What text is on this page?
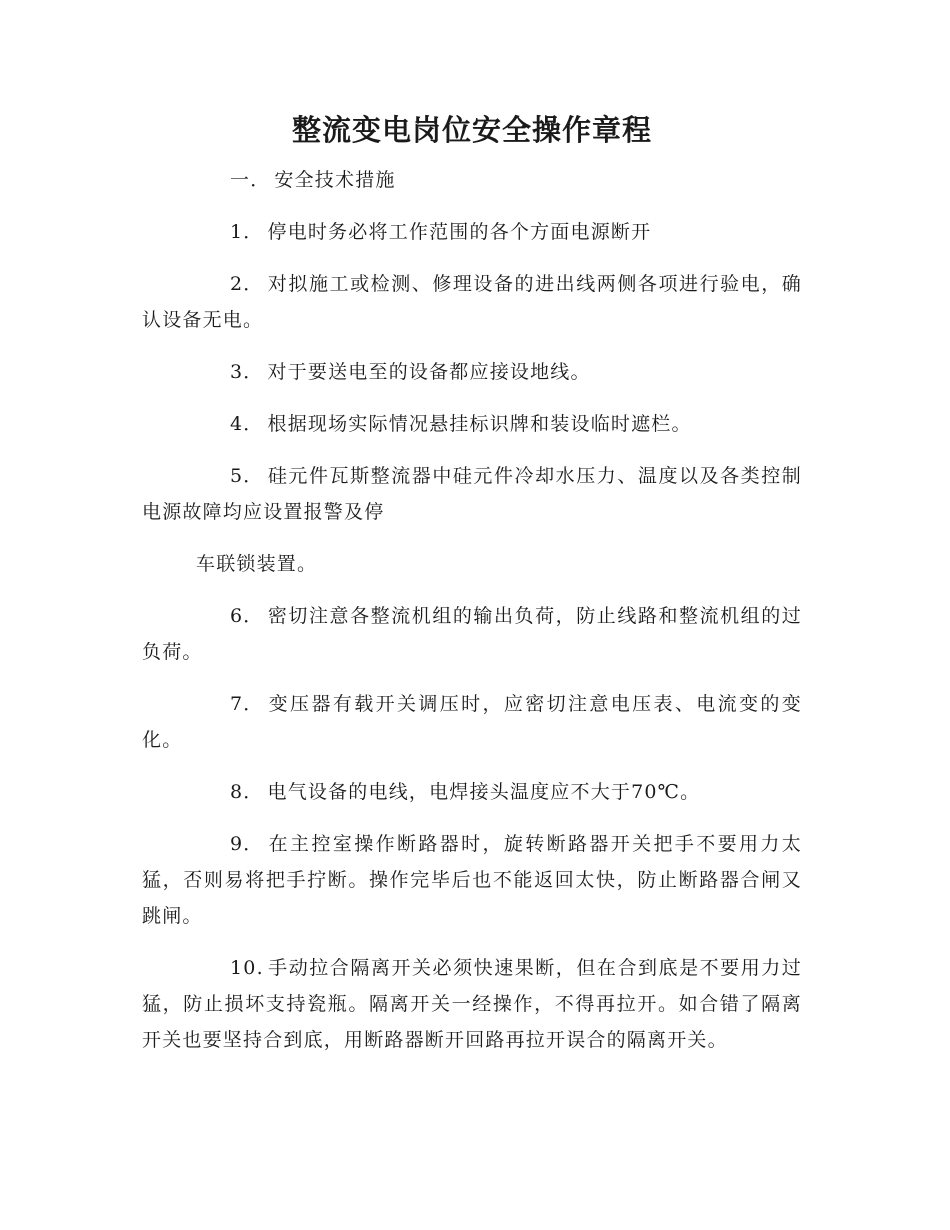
整流变电岗位安全操作章程

一． 安全技术措施

1． 停电时务必将工作范围的各个方面电源断开

2． 对拟施工或检测、修理设备的进出线两侧各项进行验电，确认设备无电。

3． 对于要送电至的设备都应接设地线。

4． 根据现场实际情况悬挂标识牌和装设临时遮栏。

5． 硅元件瓦斯整流器中硅元件冷却水压力、温度以及各类控制电源故障均应设置报警及停

车联锁装置。

6． 密切注意各整流机组的输出负荷，防止线路和整流机组的过负荷。

7． 变压器有载开关调压时，应密切注意电压表、电流变的变化。

8． 电气设备的电线，电焊接头温度应不大于70℃。

9． 在主控室操作断路器时，旋转断路器开关把手不要用力太猛，否则易将把手拧断。操作完毕后也不能返回太快，防止断路器合闸又跳闸。

10. 手动拉合隔离开关必须快速果断，但在合到底是不要用力过猛，防止损坏支持瓷瓶。隔离开关一经操作，不得再拉开。如合错了隔离开关也要坚持合到底，用断路器断开回路再拉开误合的隔离开关。
